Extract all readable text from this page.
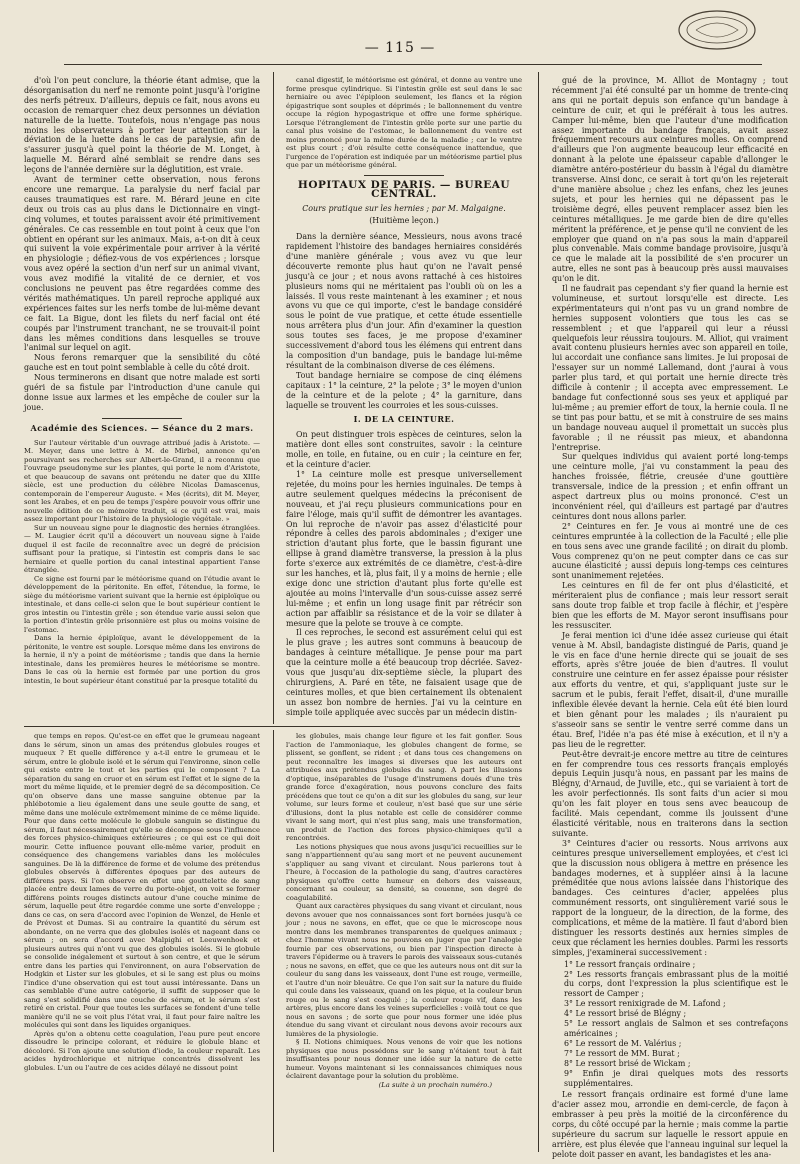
— 115 —

d'où l'on peut conclure, la théorie étant admise, que la désorganisation du nerf ne remonte point jusqu'à l'origine des nerfs pétreux. D'ailleurs, depuis ce fait, nous avons eu occasion de remarquer chez deux personnes un déviation naturelle de la luette. Toutefois, nous n'engage pas nous moins les observateurs à porter leur attention sur la déviation de la luette dans le cas de paralysie, afin de s'assurer jusqu'à quel point la théorie de M. Longet, à laquelle M. Bérard aîné semblait se rendre dans ses leçons de l'année dernière sur la déglutition, est vraie.

Avant de terminer cette observation, nous ferons encore une remarque. La paralysie du nerf facial par causes traumatiques est rare. M. Bérard jeune en cite deux ou trois cas au plus dans le Dictionnaire en vingt-cinq volumes, et toutes paraissent avoir été primitivement générales. Ce cas ressemble en tout point à ceux que l'on obtient en opérant sur les animaux. Mais, a-t-on dit à ceux qui suivent la voie expérimentale pour arriver à la vérité en physiologie ; défiez-vous de vos expériences ; lorsque vous avez opéré la section d'un nerf sur un animal vivant, vous avez modifié la vitalité de ce dernier, et vos conclusions ne peuvent pas être regardées comme des vérités mathématiques. Un pareil reproche appliqué aux expériences faites sur les nerfs tombe de lui-même devant ce fait. La Bigue, dont les filets du nerf facial ont été coupés par l'instrument tranchant, ne se trouvait-il point dans les mêmes conditions dans lesquelles se trouve l'animal sur lequel on agit.

Nous ferons remarquer que la sensibilité du côté gauche est en tout point semblable à celle du côté droit.

Nous terminerons en disant que notre malade est sorti guéri de sa fistule par l'introduction d'une canule qui donne issue aux larmes et les empêche de couler sur la joue.

Académie des Sciences. — Séance du 2 mars.

Sur l'auteur véritable d'un ouvrage attribué jadis à Aristote. — M. Meyer, dans une lettre à M. de Mirbel, annonce qu'en poursuivant ses recherches sur Albert-le-Grand, il a reconnu que l'ouvrage pseudonyme sur les plantes, qui porte le nom d'Aristote, et que beaucoup de savans ont prétendu ne dater que du XIIIe siècle, est une production du célèbre Nicolas Damascenus, contemporain de l'empereur Auguste. « Mes (écrits), dit M. Meyer, sont les Arabes, et en peu de temps j'espère pouvoir vous offrir une nouvelle édition de ce mémoire traduit, si ce qu'il est vrai, mais assez important pour l'histoire de la physiologie végétale. »

Sur un nouveau signe pour le diagnostic des hernies étranglées. — M. Laugier écrit qu'il a découvert un nouveau signe à l'aide duquel il est facile de reconnaître avec un degré de précision suffisant pour la pratique, si l'intestin est compris dans le sac herniaire et quelle portion du canal intestinal appartient l'anse étranglée.

Ce signe est fourni par le météorisme quand on l'étudie avant le développement de la péritonite. En effet, l'étendue, la forme, le siège du météorisme varient suivant que la hernie est épiploïque ou intestinale, et dans celle-ci selon que le bout supérieur contient le gros intestin ou l'intestin grêle ; son étendue varie aussi selon que la portion d'intestin grêle prisonnière est plus ou moins voisine de l'estomac.

Dans la hernie épiploïque, avant le développement de la péritonite, le ventre est souple. Lorsque même dans les environs de la hernie, il n'y a point de météorisme ; tandis que dans la hernie intestinale, dans les premières heures le météorisme se montre. Dans le cas où la hernie est formée par une portion du gros intestin, le bout supérieur étant constitué par la presque totalité du

canal digestif, le météorisme est général, et donne au ventre une forme presque cylindrique. Si l'intestin grêle est seul dans le sac herniaire ou avec l'épiploon seulement, les flancs et la région épigastrique sont souples et déprimés ; le ballonnement du ventre occupe la région hypogastrique et offre une forme sphérique. Lorsque l'étranglement de l'intestin grêle porte sur une partie du canal plus voisine de l'estomac, le ballonnement du ventre est moins prononcé pour la même durée de la maladie ; car le ventre est plus court ; d'où résulte cette conséquence inattendue, que l'urgence de l'opération est indiquée par un météorisme partiel plus que par un météorisme général.

HOPITAUX DE PARIS. — BUREAU CENTRAL.

Cours pratique sur les hernies ; par M. Malgaigne.

(Huitième leçon.)

Dans la dernière séance, Messieurs, nous avons tracé rapidement l'histoire des bandages herniaires considérés d'une manière générale ; vous avez vu que leur découverte remonte plus haut qu'on ne l'avait pensé jusqu'à ce jour ; et nous avons rattaché à ces histoires plusieurs noms qui ne méritaient pas l'oubli où on les a laissés. Il vous reste maintenant à les examiner ; et nous avons vu que ce qui importe, c'est le bandage considéré sous le point de vue pratique, et cette étude essentielle nous arrêtera plus d'un jour. Afin d'examiner la question sous toutes ses faces, je me propose d'examiner successivement d'abord tous les élémens qui entrent dans la composition d'un bandage, puis le bandage lui-même résultant de la combinaison diverse de ces élémens.

Tout bandage herniaire se compose de cinq élémens capitaux : 1° la ceinture, 2° la pelote ; 3° le moyen d'union de la ceinture et de la pelote ; 4° la garniture, dans laquelle se trouvent les courroies et les sous-cuisses.

I. DE LA CEINTURE.

On peut distinguer trois espèces de ceintures, selon la matière dont elles sont construites, savoir : la ceinture molle, en toile, en futaine, ou en cuir ; la ceinture en fer, et la ceinture d'acier.

1° La ceinture molle est presque universellement rejetée, du moins pour les hernies inguinales. De temps à autre seulement quelques médecins la préconisent de nouveau, et j'ai reçu plusieurs communications pour en faire l'éloge, mais qu'il suffit de démontrer les avantages. On lui reproche de n'avoir pas assez d'élasticité pour répondre à celles des parois abdominales ; d'exiger une striction d'autant plus forte, que le bassin figurant une ellipse à grand diamètre transverse, la pression à la plus forte s'exerce aux extrémités de ce diamètre, c'est-à-dire sur les hanches, et là, plus fait, il y a moins de hernie ; elle exige donc une striction d'autant plus forte qu'elle est ajoutée au moins l'intervalle d'un sous-cuisse assez serré lui-même ; et enfin un long usage finit par rétrécir son action par affaiblir sa résistance et de la voir se dilater à mesure que la pelote se trouve à ce compte.

Il ces reproches, le second est assurément celui qui est le plus grave ; les autres sont communs à beaucoup de bandages à ceinture métallique. Je pense pour ma part que la ceinture molle a été beaucoup trop décriée. Savez-vous que jusqu'au dix-septième siècle, la plupart des chirurgiens, A. Paré en tête, ne faisaient usage que de ceintures molles, et que bien certainement ils obtenaient un assez bon nombre de hernies. J'ai vu la ceinture en simple toile appliquée avec succès par un médecin distin-

gué de la province, M. Alliot de Montagny ; tout récemment j'ai été consulté par un homme de trente-cinq ans qui ne portait depuis son enfance qu'un bandage à ceinture de cuir, et qui le préférait à tous les autres. Camper lui-même, bien que l'auteur d'une modification assez importante du bandage français, avait assez fréquemment recours aux ceintures molles. On comprend d'ailleurs que l'on augmente beaucoup leur efficacité en donnant à la pelote une épaisseur capable d'allonger le diamètre antéro-postérieur du bassin à l'égal du diamètre transverse. Ainsi donc, ce serait à tort qu'on les rejeterait d'une manière absolue ; chez les enfans, chez les jeunes sujets, et pour les hernies qui ne dépassent pas le troisième degré, elles peuvent remplacer assez bien les ceintures métalliques. Je me garde bien de dire qu'elles méritent la préférence, et je pense qu'il ne convient de les employer que quand on n'a pas sous la main d'appareil plus convenable. Mais comme bandage provisoire, jusqu'à ce que le malade ait la possibilité de s'en procurer un autre, elles ne sont pas à beaucoup près aussi mauvaises qu'on le dit.

Il ne faudrait pas cependant s'y fier quand la hernie est volumineuse, et surtout lorsqu'elle est directe. Les expérimentateurs qui n'ont pas vu un grand nombre de hernies supposent volontiers que tous les cas se ressemblent ; et que l'appareil qui leur a réussi quelquefois leur réussira toujours. M. Alliot, qui vraiment avait contenu plusieurs hernies avec son appareil en toile, lui accordait une confiance sans limites. Je lui proposai de l'essayer sur un nommé Lallemand, dont j'aurai à vous parler plus tard, et qui portait une hernie directe très difficile à contenir ; il accepta avec empressement. Le bandage fut confectionné sous ses yeux et appliqué par lui-même ; au premier effort de toux, la hernie coula. Il ne se tint pas pour battu, et se mit à construire de ses mains un bandage nouveau auquel il promettait un succès plus favorable ; il ne réussit pas mieux, et abandonna l'entreprise.

Sur quelques individus qui avaient porté long-temps une ceinture molle, j'ai vu constamment la peau des hanches froissée, flétrie, creusée d'une gouttière transversale, indice de la pression ; et enfin offrant un aspect dartreux plus ou moins prononcé. C'est un inconvénient réel, qui d'ailleurs est partagé par d'autres ceintures dont nous allons parler.

2° Ceintures en fer. Je vous ai montré une de ces ceintures empruntée à la collection de la Faculté ; elle plie en tous sens avec une grande facilité ; on dirait du plomb. Vous comprenez qu'on ne peut compter dans ce cas sur aucune élasticité ; aussi depuis long-temps ces ceintures sont unanimement rejetées.

Les ceintures en fil de fer ont plus d'élasticité, et mériteraient plus de confiance ; mais leur ressort serait sans doute trop faible et trop facile à fléchir, et j'espère bien que les efforts de M. Mayor seront insuffisans pour les ressusciter.

Je ferai mention ici d'une idée assez curieuse qui était venue à M. Absil, bandagiste distingué de Paris, quand je le vis en face d'une hernie directe qui se jouait de ses efforts, après s'être jouée de bien d'autres. Il voulut construire une ceinture en fer assez épaisse pour résister aux efforts du ventre, et qui, s'appliquant juste sur le sacrum et le pubis, ferait l'effet, disait-il, d'une muraille inflexible élevée devant la hernie. Cela eût été bien lourd et bien gênant pour les malades ; ils n'auraient pu s'asseoir sans se sentir le ventre serré comme dans un étau. Bref, l'idée n'a pas été mise à exécution, et il n'y a pas lieu de le regretter.

Peut-être devrait-je encore mettre au titre de ceintures en fer comprendre tous ces ressorts français employés depuis Lequin jusqu'à nous, en passant par les mains de Blégny, d'Arnaud, de Juville, etc., qui se variaient à tort de les avoir perfectionnés. Ils sont faits d'un acier si mou qu'on les fait ployer en tous sens avec beaucoup de facilité. Mais cependant, comme ils jouissent d'une élasticité véritable, nous en traiterons dans la section suivante.

3° Ceintures d'acier ou ressorts. Nous arrivons aux ceintures presque universellement employées, et c'est ici que la discussion nous obligera à mettre en présence les bandages modernes, et à suppléer ainsi à la lacune préméditée que nous avions laissée dans l'historique des bandages. Ces ceintures d'acier, appelées plus communément ressorts, ont singulièrement varié sous le rapport de la longueur, de la direction, de la forme, des complications, et même de la matière. Il faut d'abord bien distinguer les ressorts destinés aux hernies simples de ceux que réclament les hernies doubles. Parmi les ressorts simples, j'examinerai successivement :

1° Le ressort français ordinaire ;
2° Les ressorts français embrassant plus de la moitié du corps, dont l'expression la plus scientifique est le ressort de Camper ;
3° Le ressort renixigrade de M. Lafond ;
4° Le ressort brisé de Blégny ;
5° Le ressort anglais de Salmon et ses contrefaçons américaines ;
6° Le ressort de M. Valérius ;
7° Le ressort de MM. Burat ;
8° Le ressort brisé de Wickam ;
9° Enfin je dirai quelques mots des ressorts supplémentaires.

Le ressort français ordinaire est formé d'une lame d'acier assez mou, arrondie en demi-cercle, de façon à embrasser à peu près la moitié de la circonférence du corps, du côté occupé par la hernie ; mais comme la partie supérieure du sacrum sur laquelle le ressort appuie en arrière, est plus élevée que l'anneau inguinal sur lequel la pelote doit passer en avant, les bandagistes et les ana-

que temps en repos. Qu'est-ce en effet que le grumeau nageant dans le sérum, sinon un amas des prétendus globules rouges et muqueux ? Et quelle différence y a-t-il entre le grumeau et le sérum, entre le globule isolé et le sérum qui l'environne, sinon celle qui existe entre le tout et les parties qui le composent ? La séparation du sang en cruor et en sérum est l'effet et le signe de la mort du même liquide, et le premier degré de sa décomposition. Ce qu'on observe dans une masse sanguine obtenue par la phlébotomie a lieu également dans une seule goutte de sang, et même dans une molécule extrêmement minime de ce même liquide. Pour que dans cette molécule le globule sanguin se distingue du sérum, il faut nécessairement qu'elle se décompose sous l'influence des forces physico-chimiques extérieures ; ce qui est ce qui doit mourir. Cette influence pouvant elle-même varier, produit en conséquence des changemens variables dans les molécules sanguines. De là la différence de forme et de volume des prétendus globules observés à différentes époques par des auteurs de différens pays. Si l'on observe en effet une gouttelette de sang placée entre deux lames de verre du porte-objet, on voit se former différens points rouges distincts autour d'une couche minime de sérum, laquelle peut être regardée comme une sorte d'enveloppe ; dans ce cas, on sera d'accord avec l'opinion de Wenzel, de Henle et de Prévost et Dumas. Si au contraire la quantité du sérum est abondante, on ne verra que des globules isolés et nageant dans ce sérum ; on sera d'accord avec Malpighi et Leeuwenhoek et plusieurs autres qui n'ont vu que des globules isolés. Si le globule se consolide inégalement et surtout à son centre, et que le sérum entre dans les parties qui l'environnent, on aura l'observation de Hodgkin et Lister sur les globules, et si le sang est plus ou moins l'indice d'une observation qui est tout aussi intéressante. Dans un cas semblable d'une autre catégorie, il suffit de supposer que le sang s'est solidifié dans une couche de sérum, et le sérum s'est retiré en cristal. Pour que toutes les surfaces se fondent d'une telle manière qu'il ne se voit plus l'état vrai, il faut pour faire naître les molécules qui sont dans les liquides organiques.

Après qu'on a obtenu cette coagulation, l'eau pure peut encore dissoudre le principe colorant, et réduire le globule blanc et décoloré. Si l'on ajoute une solution d'iode, la couleur reparaît. Les acides hydrochlorique et nitrique concentrés dissolvent les globules. L'un ou l'autre de ces acides délayé ne dissout point

les globules, mais change leur figure et les fait gonfler. Sous l'action de l'ammoniaque, les globules changent de forme, se plissent, se gonflent, se rident ; et dans tous ces changemens on peut reconnaître les images si diverses que les auteurs ont attribuées aux prétendus globules du sang. A part les illusions d'optique, inséparables de l'usage d'instrumens doués d'une très grande force d'exagération, nous pouvons conclure des faits précédens que tout ce qu'on a dit sur les globules du sang, sur leur volume, sur leurs forme et couleur, n'est basé que sur une série d'illusions, dont la plus notable est celle de considérer comme vivant le sang mort, qui n'est plus sang, mais une transformation, un produit de l'action des forces physico-chimiques qu'il a rencontrées.

Les notions physiques que nous avons jusqu'ici recueillies sur le sang n'appartiennent qu'au sang mort et ne peuvent aucunement s'appliquer au sang vivant et circulant. Nous parlerons tout à l'heure, à l'occasion de la pathologie du sang, d'autres caractères physiques qu'offre cette humeur en dehors des vaisseaux, concernant sa couleur, sa densité, sa couenne, son degré de coagulabilité.

Quant aux caractères physiques du sang vivant et circulant, nous devons avouer que nos connaissances sont fort bornées jusqu'à ce jour ; nous ne savons, en effet, que ce que le microscope nous montre dans les membranes transparentes de quelques animaux ; chez l'homme vivant nous ne pouvons en juger que par l'analogie fournie par ces observations, ou bien par l'inspection directe à travers l'épiderme ou à travers le parois des vaisseaux sous-cutanés ; nous ne savons, en effet, que ce que les auteurs nous ont dit sur la couleur du sang dans les vaisseaux, dont l'une est rouge, vermeille, et l'autre d'un noir bleuâtre. Ce que l'on sait sur la nature du fluide qui coule dans les vaisseaux, quand on les pique, et la couleur brun rouge ou le sang s'est coagulé ; la couleur rouge vif, dans les artères, plus encore dans les veines superficielles : voilà tout ce que nous en savons ; de sorte que pour nous former une idée plus étendue du sang vivant et circulant nous devons avoir recours aux lumières de la physiologie.

§ II. Notions chimiques. Nous venons de voir que les notions physiques que nous possédons sur le sang n'étaient tout à fait insuffisantes pour nous donner une idée sur la nature de cette humeur. Voyons maintenant si les connaissances chimiques nous éclairent davantage pour la solution du problème.

(La suite à un prochain numéro.)
